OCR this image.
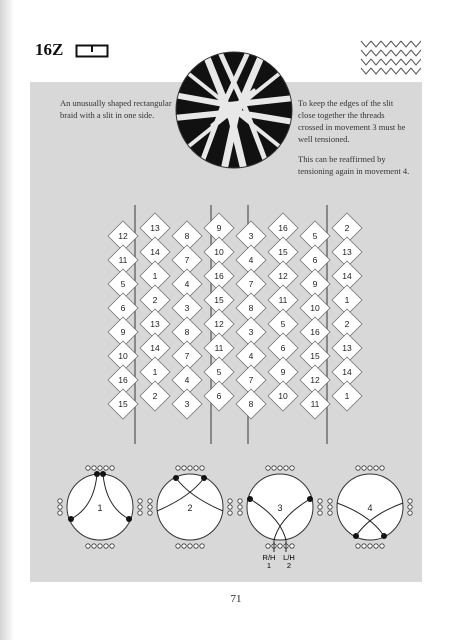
16Z
An unusually shaped rectangular braid with a slit in one side.

To keep the edges of the slit close together the threads crossed in movement 3 must be well tensioned.

This can be reaffirmed by tensioning again in movement 4.

12
11
5
6
9
10
16
15
13
14
1
2
13
14
1
2
8
7
4
3
8
7
4
3
9
10
16
15
12
11
5
6
3
4
7
8
3
4
7
8
16
15
12
11
5
6
9
10
5
6
9
10
16
15
12
11
2
13
14
1
2
13
14
1
1	2
R/H L/H
1 2
3	4
71
